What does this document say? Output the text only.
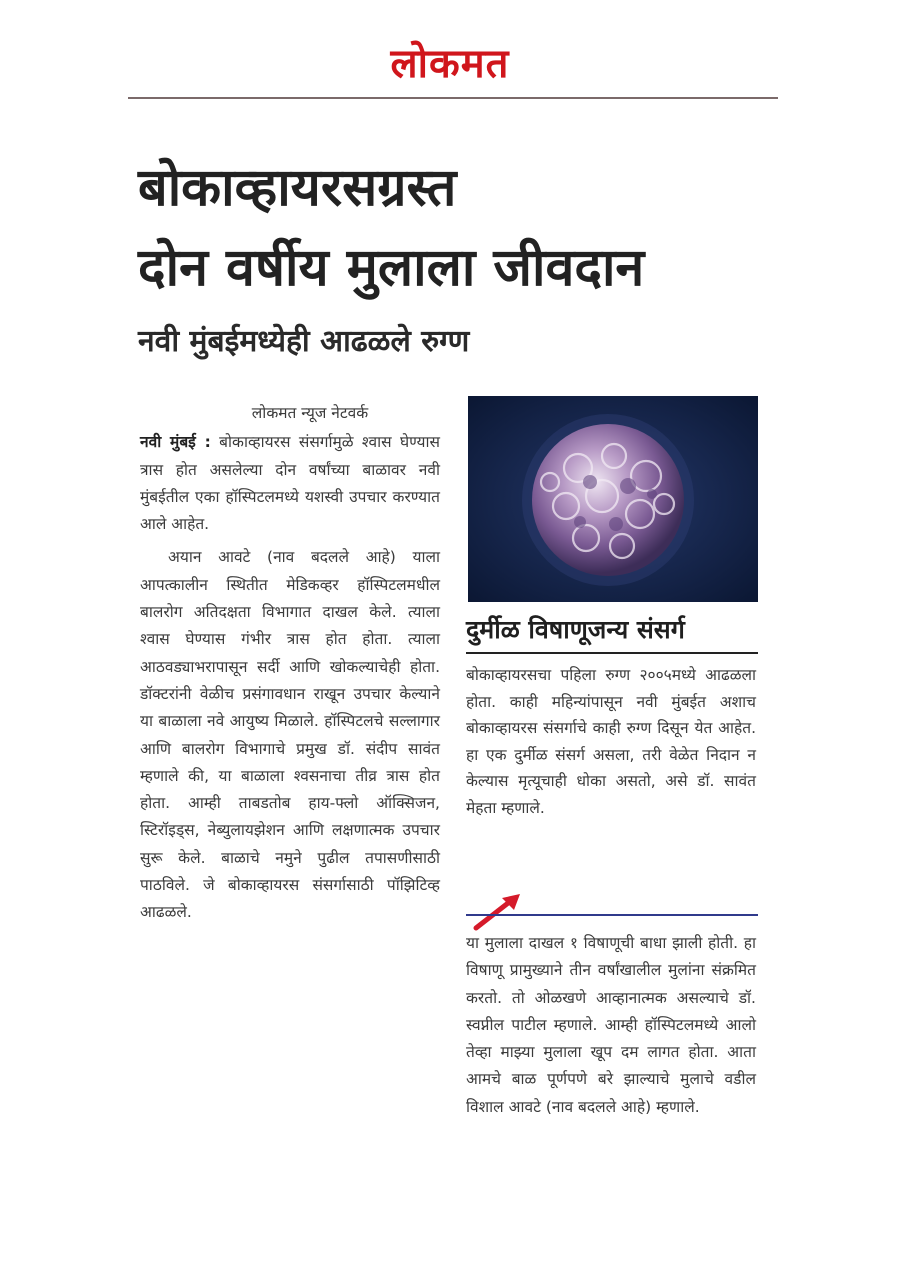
लोकमत
बोकाव्हायरसग्रस्त
दोन वर्षीय मुलाला जीवदान
नवी मुंबईमध्येही आढळले रुग्ण
लोकमत न्यूज नेटवर्क

नवी मुंबई : बोकाव्हायरस संसर्गामुळे श्वास घेण्यास त्रास होत असलेल्या दोन वर्षांच्या बाळावर नवी मुंबईतील एका हॉस्पिटलमध्ये यशस्वी उपचार करण्यात आले आहेत.

अयान आवटे (नाव बदलले आहे) याला आपत्कालीन स्थितीत मेडिकव्हर हॉस्पिटलमधील बालरोग अतिदक्षता विभागात दाखल केले. त्याला श्वास घेण्यास गंभीर त्रास होत होता. त्याला आठवड्याभरापासून सर्दी आणि खोकल्याचेही होता. डॉक्टरांनी वेळीच प्रसंगावधान राखून उपचार केल्याने या बाळाला नवे आयुष्य मिळाले. हॉस्पिटलचे सल्लागार आणि बालरोग विभागाचे प्रमुख डॉ. संदीप सावंत म्हणाले की, या बाळाला श्वसनाचा तीव्र त्रास होत होता. आम्ही ताबडतोब हाय-फ्लो ऑक्सिजन, स्टिरॉइड्स, नेब्युलायझेशन आणि लक्षणात्मक उपचार सुरू केले. बाळाचे नमुने पुढील तपासणीसाठी पाठविले. जे बोकाव्हायरस संसर्गासाठी पॉझिटिव्ह आढळले.

दुर्मीळ विषाणूजन्य संसर्ग

बोकाव्हायरसचा पहिला रुग्ण २००५मध्ये आढळला होता. काही महिन्यांपासून नवी मुंबईत अशाच बोकाव्हायरस संसर्गाचे काही रुग्ण दिसून येत आहेत. हा एक दुर्मीळ संसर्ग असला, तरी वेळेत निदान न केल्यास मृत्यूचाही धोका असतो, असे डॉ. सावंत मेहता म्हणाले.

या मुलाला दाखल १ विषाणूची बाधा झाली होती. हा विषाणू प्रामुख्याने तीन वर्षांखालील मुलांना संक्रमित करतो. तो ओळखणे आव्हानात्मक असल्याचे डॉ. स्वप्नील पाटील म्हणाले. आम्ही हॉस्पिटलमध्ये आलो तेव्हा माझ्या मुलाला खूप दम लागत होता. आता आमचे बाळ पूर्णपणे बरे झाल्याचे मुलाचे वडील विशाल आवटे (नाव बदलले आहे) म्हणाले.
